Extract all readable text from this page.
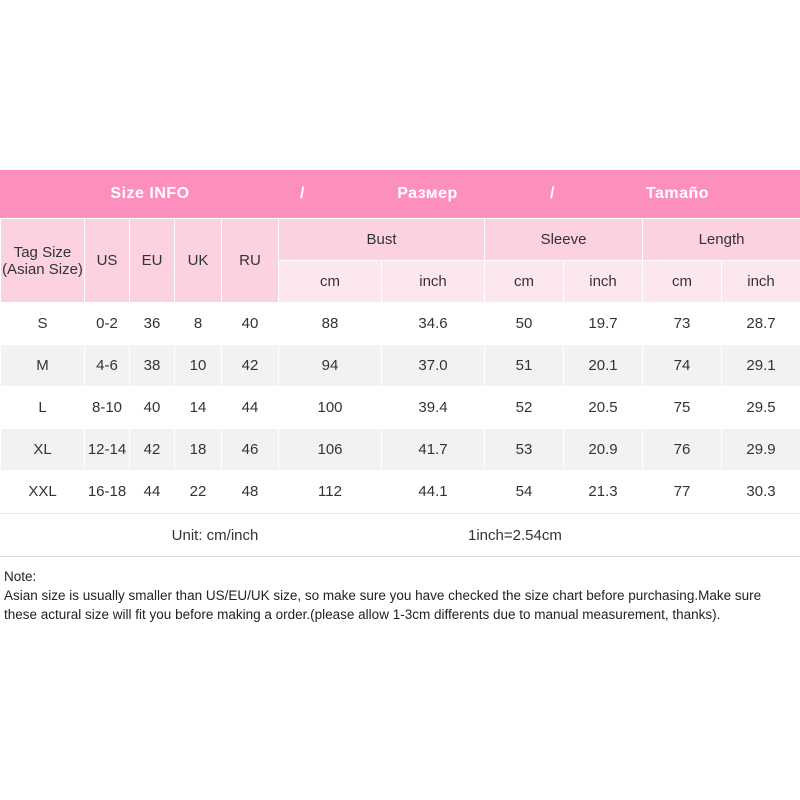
Size INFO	/	Размер	/	Tamaño
Tag Size
(Asian Size)	US	EU	UK	RU	Bust		Sleeve		Length	
					cm	inch	cm	inch	cm	inch
S	0-2	36	8	40	88	34.6	50	19.7	73	28.7
M	4-6	38	10	42	94	37.0	51	20.1	74	29.1
L	8-10	40	14	44	100	39.4	52	20.5	75	29.5
XL	12-14	42	18	46	106	41.7	53	20.9	76	29.9
XXL	16-18	44	22	48	112	44.1	54	21.3	77	30.3
Unit: cm/inch	1inch=2.54cm
Note:
Asian size is usually smaller than US/EU/UK size, so make sure you have checked the size chart before purchasing.Make sure
these actural size will fit you before making a order.(please allow 1-3cm differents due to manual measurement, thanks).
